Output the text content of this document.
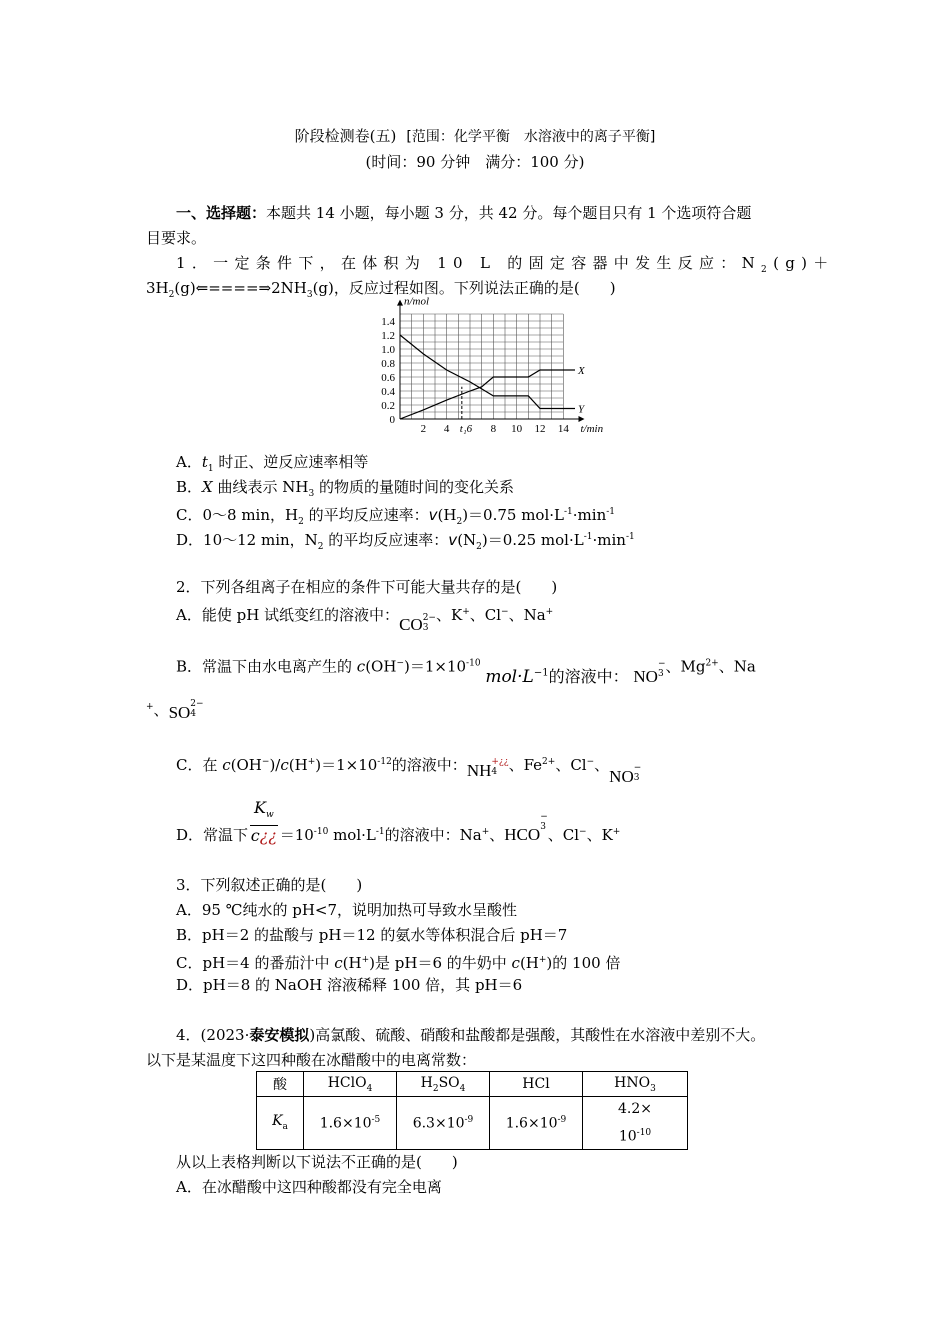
阶段检测卷(五) [范围：化学平衡　水溶液中的离子平衡]
(时间：90 分钟　满分：100 分)
一、选择题：本题共 14 小题，每小题 3 分，共 42 分。每个题目只有 1 个选项符合题
目要求。
1．一定条件下，在体积为 10 L 的固定容器中发生反应：$N_2(g)+$
$3H_2(g)⇐====\Rightarrow 2NH_3(g)$，反应过程如图。下列说法正确的是(　　)
0
0.2
0.4
0.6
0.8
1.0
1.2
1.4
2 4 t₁6 8 10 12 14
n/mol
t/min
X
Y
A．$t_1$ 时正、逆反应速率相等
B．X 曲线表示 $NH_3$ 的物质的量随时间的变化关系
C．0～8 min，$H_2$ 的平均反应速率：$v(H_2)=0.75$ $mol\cdot L^{-1}\cdot\min^{-1}$
D．10～12 min，$N_2$ 的平均反应速率：$v(N_2)=0.25$ $mol\cdot L^{-1}\cdot\min^{-1}$
2．下列各组离子在相应的条件下可能大量共存的是(　　)
A．能使 pH 试纸变红的溶液中：CO 2−
3
、K+、Cl−、Na+
B．常温下由水电离产生的 $c(OH^-)=1\times 10^{-10}$ $mol\cdot L^{-1}$的溶液中： NO
−
3 、$Mg^{2+}$、Na
+、SO 2−
4
C．在 $c(OH^-)/c(H^+)=1\times 10^{-12}$的溶液中：NH +¿¿
4 、$Fe^{2+}$、Cl−、NO −
3
D．常温下 $\frac{K_w}{c¿¿} =10^{-10}$ $mol\cdot L^{-1}$的溶液中：Na+、HCO
−
3 、Cl−、K+
3．下列叙述正确的是(　　)
A．95 ℃纯水的 pH<7，说明加热可导致水呈酸性
B．pH＝2 的盐酸与 pH＝12 的氨水等体积混合后 pH＝7
C．pH＝4 的番茄汁中 c(H+)是 pH＝6 的牛奶中 c(H+)的 100 倍
D．pH＝8 的 NaOH 溶液稀释 100 倍，其 pH＝6
4．(2023·泰安模拟)高氯酸、硫酸、硝酸和盐酸都是强酸，其酸性在水溶液中差别不大。
以下是某温度下这四种酸在冰醋酸中的电离常数：
酸	HClO$_4$	$H_2SO_4$	HCl	$HNO_3$
$K_a$	$1.6\times 10^{-5}$	$6.3\times 10^{-9}$	$1.6\times 10^{-9}$	4.2×
$10^{-10}$
从以上表格判断以下说法不正确的是(　　)
A．在冰醋酸中这四种酸都没有完全电离
